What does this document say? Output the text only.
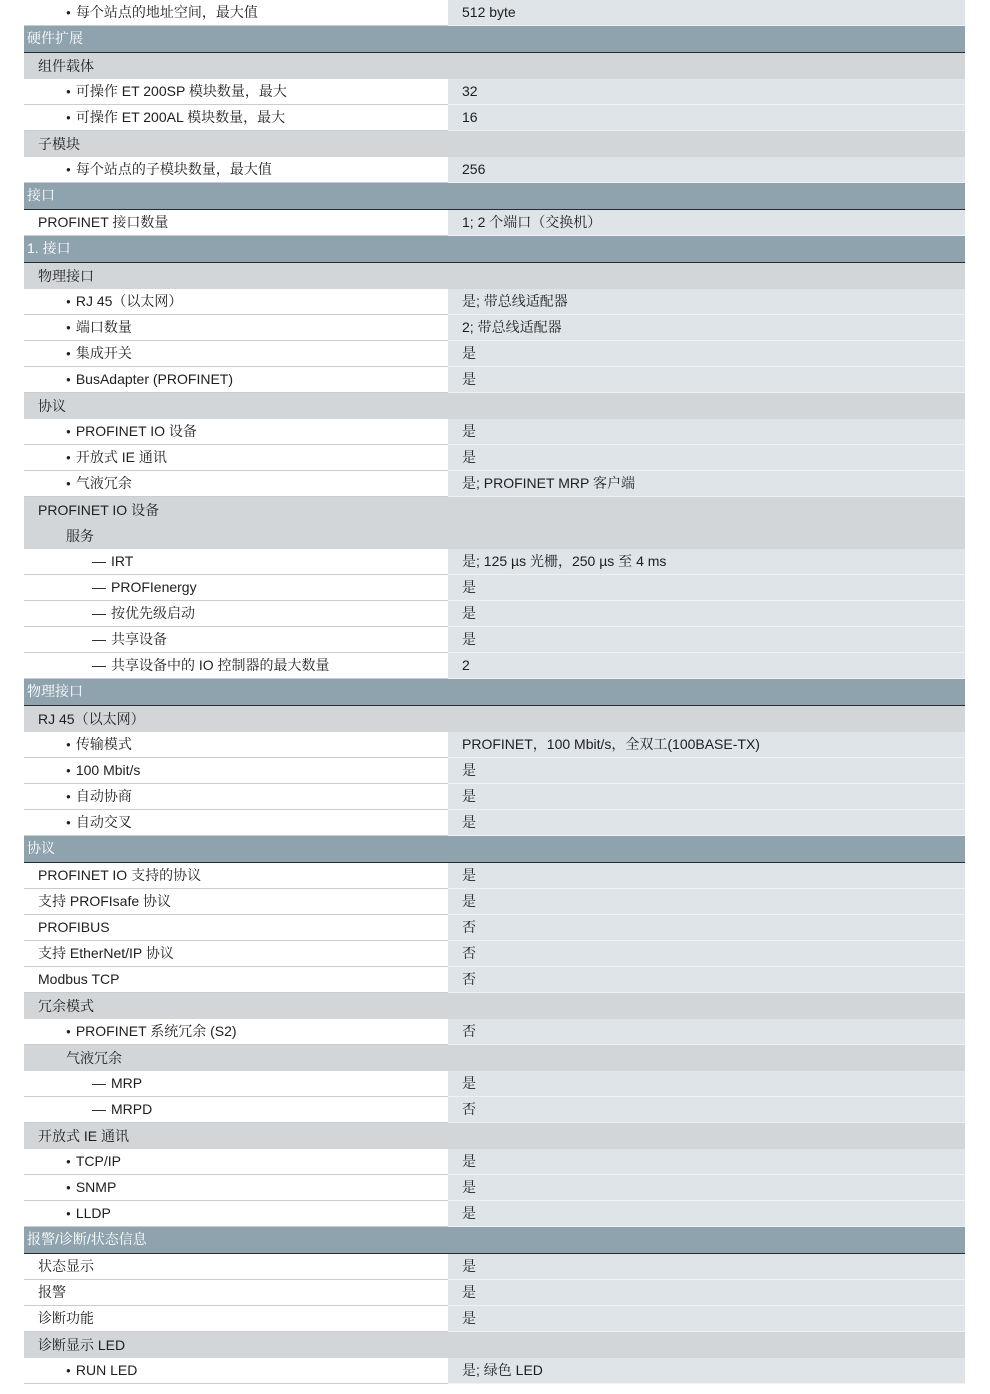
● 每个站点的地址空间，最大值	512 byte
硬件扩展
组件载体
● 可操作 ET 200SP 模块数量，最大	32
● 可操作 ET 200AL 模块数量，最大	16
子模块
● 每个站点的子模块数量，最大值	256
接口
PROFINET 接口数量	1; 2 个端口（交换机）
1. 接口
物理接口
● RJ 45（以太网）	是; 带总线适配器
● 端口数量	2; 带总线适配器
● 集成开关	是
● BusAdapter (PROFINET)	是
协议
● PROFINET IO 设备	是
● 开放式 IE 通讯	是
● 气液冗余	是; PROFINET MRP 客户端
PROFINET IO 设备
服务
— IRT	是; 125 µs 光栅，250 µs 至 4 ms
— PROFIenergy	是
— 按优先级启动	是
— 共享设备	是
— 共享设备中的 IO 控制器的最大数量	2
物理接口
RJ 45（以太网）
● 传输模式	PROFINET，100 Mbit/s，全双工(100BASE-TX)
● 100 Mbit/s	是
● 自动协商	是
● 自动交叉	是
协议
PROFINET IO 支持的协议	是
支持 PROFIsafe 协议	是
PROFIBUS	否
支持 EtherNet/IP 协议	否
Modbus TCP	否
冗余模式
● PROFINET 系统冗余 (S2)	否
气液冗余
— MRP	是
— MRPD	否
开放式 IE 通讯
● TCP/IP	是
● SNMP	是
● LLDP	是
报警/诊断/状态信息
状态显示	是
报警	是
诊断功能	是
诊断显示 LED
● RUN LED	是; 绿色 LED
